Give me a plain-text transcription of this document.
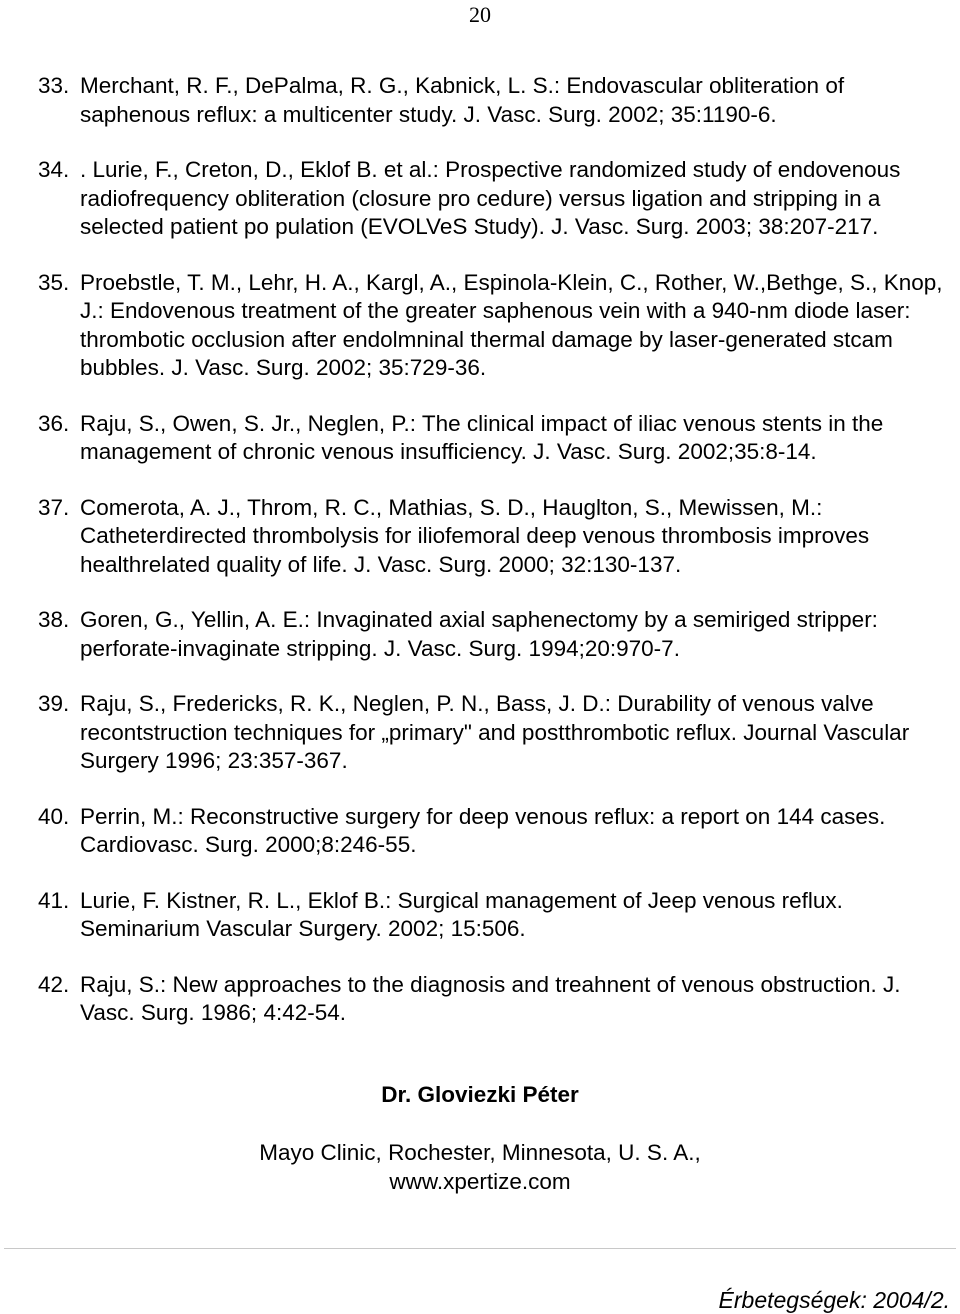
20
33. Merchant, R. F., DePalma, R. G., Kabnick, L. S.: Endovascular obliteration of saphenous reflux: a multicenter study. J. Vasc. Surg. 2002; 35:1190-6.
34. . Lurie, F., Creton, D., Eklof B. et al.: Prospective randomized study of endovenous radiofrequency obliteration (closure pro cedure) versus ligation and stripping in a selected patient po pulation (EVOLVeS Study). J. Vasc. Surg. 2003; 38:207-217.
35. Proebstle, T. M., Lehr, H. A., Kargl, A., Espinola-Klein, C., Rother, W.,Bethge, S., Knop, J.: Endovenous treatment of the greater saphenous vein with a 940-nm diode laser: thrombotic occlusion after endolmninal thermal damage by laser-generated stcam bubbles. J. Vasc. Surg. 2002; 35:729-36.
36. Raju, S., Owen, S. Jr., Neglen, P.: The clinical impact of iliac venous stents in the management of chronic venous insufficiency. J. Vasc. Surg. 2002;35:8-14.
37. Comerota, A. J., Throm, R. C., Mathias, S. D., Hauglton, S., Mewissen, M.: Catheterdirected thrombolysis for iliofemoral deep venous thrombosis improves healthrelated quality of life. J. Vasc. Surg. 2000; 32:130-137.
38. Goren, G., Yellin, A. E.: Invaginated axial saphenectomy by a semiriged stripper: perforate-invaginate stripping. J. Vasc. Surg. 1994;20:970-7.
39. Raju, S., Fredericks, R. K., Neglen, P. N., Bass, J. D.: Durability of venous valve recontstruction techniques for „primary" and postthrombotic reflux. Journal Vascular Surgery 1996; 23:357-367.
40. Perrin, M.: Reconstructive surgery for deep venous reflux: a report on 144 cases. Cardiovasc. Surg. 2000;8:246-55.
41. Lurie, F. Kistner, R. L., Eklof B.: Surgical management of Jeep venous reflux. Seminarium Vascular Surgery. 2002; 15:506.
42. Raju, S.: New approaches to the diagnosis and treahnent of venous obstruction. J. Vasc. Surg. 1986; 4:42-54.
Dr. Gloviezki Péter
Mayo Clinic, Rochester, Minnesota, U. S. A.,
www.xpertize.com
Érbetegségek: 2004/2.
